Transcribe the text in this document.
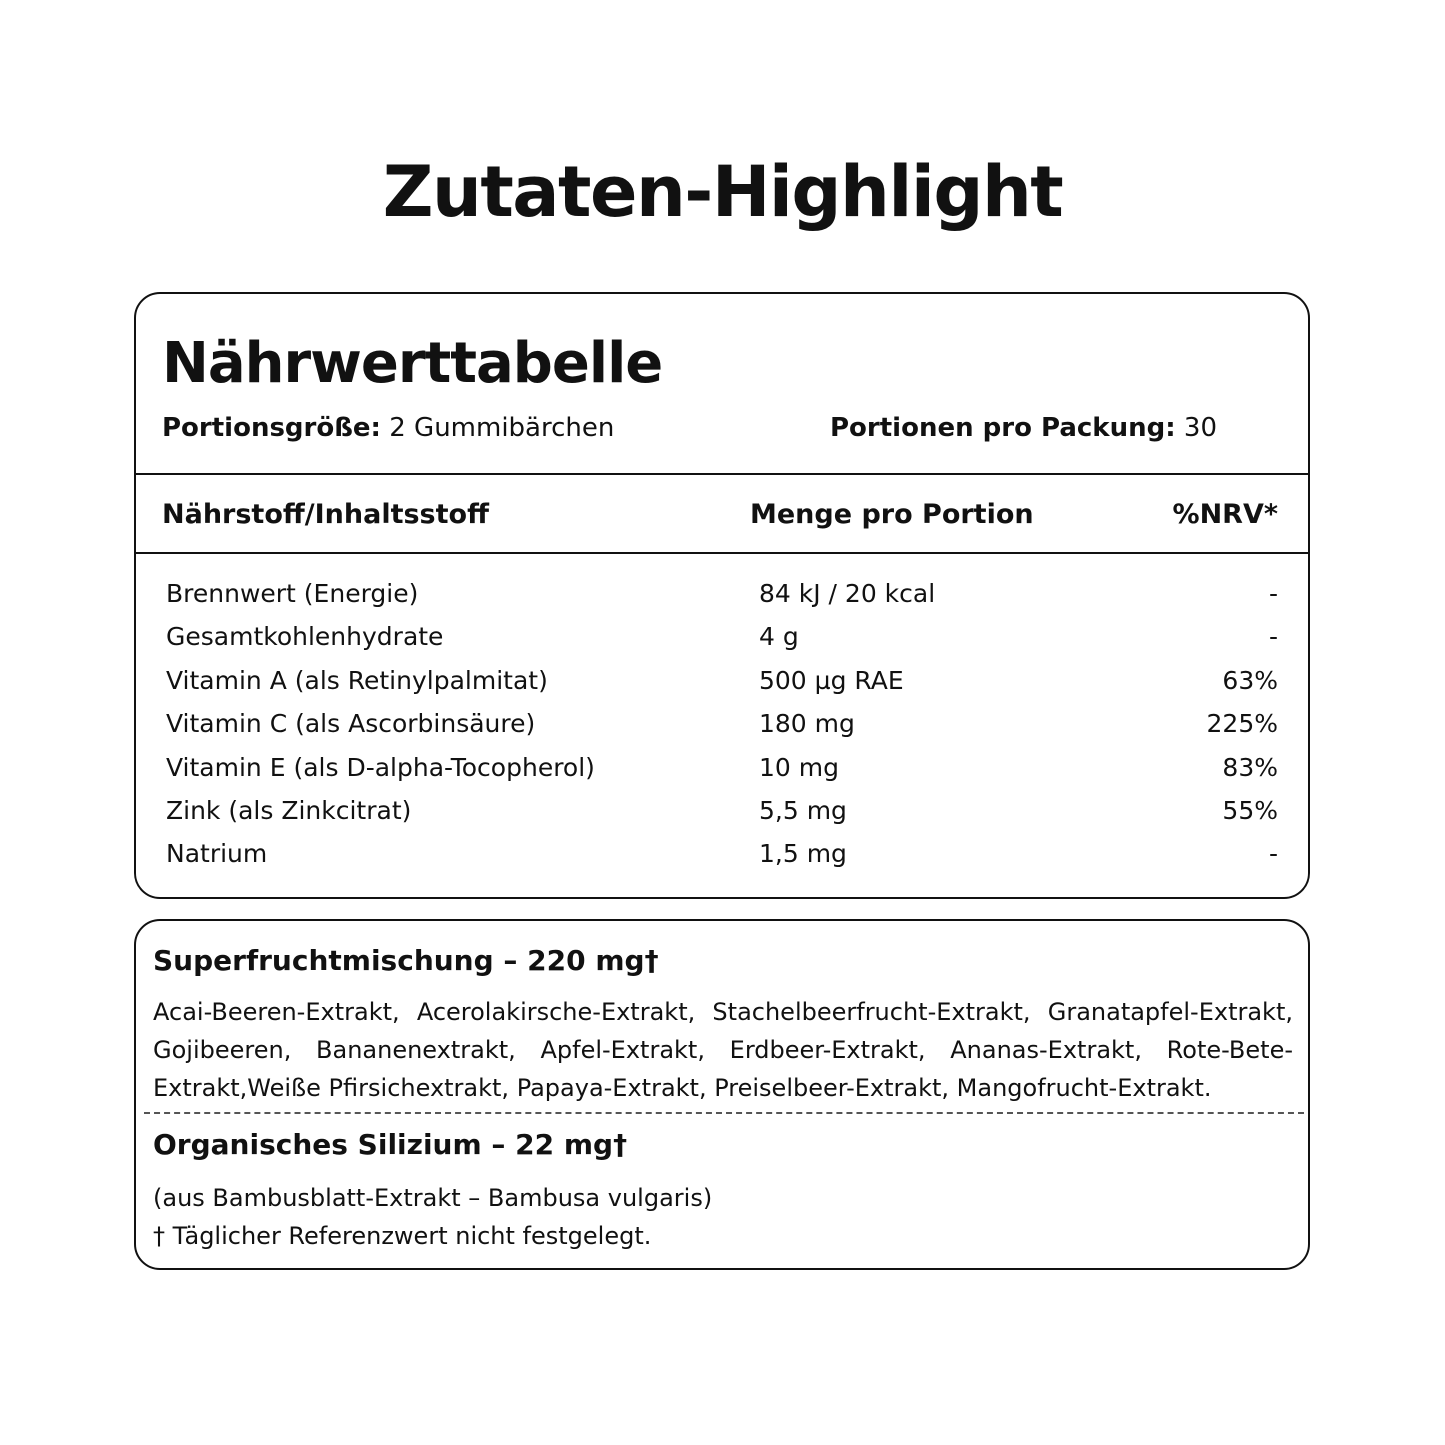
Zutaten-Highlight
Nährwerttabelle
Portionsgröße: 2 Gummibärchen	Portionen pro Packung: 30
Nährstoff/Inhaltsstoff	Menge pro Portion	%NRV*
Brennwert (Energie)	84 kJ / 20 kcal	-
Gesamtkohlenhydrate	4 g	-
Vitamin A (als Retinylpalmitat)	500 µg RAE	63%
Vitamin C (als Ascorbinsäure)	180 mg	225%
Vitamin E (als D-alpha-Tocopherol)	10 mg	83%
Zink (als Zinkcitrat)	5,5 mg	55%
Natrium	1,5 mg	-
Superfruchtmischung – 220 mg†
Acai-Beeren-Extrakt, Acerolakirsche-Extrakt, Stachelbeerfrucht-Extrakt, Granatapfel-Extrakt, Gojibeeren, Bananenextrakt, Apfel-Extrakt, Erdbeer-Extrakt, Ananas-Extrakt, Rote-Bete-Extrakt,Weiße Pfirsichextrakt, Papaya-Extrakt, Preiselbeer-Extrakt, Mangofrucht-Extrakt.
Organisches Silizium – 22 mg†
(aus Bambusblatt-Extrakt – Bambusa vulgaris)
† Täglicher Referenzwert nicht festgelegt.
